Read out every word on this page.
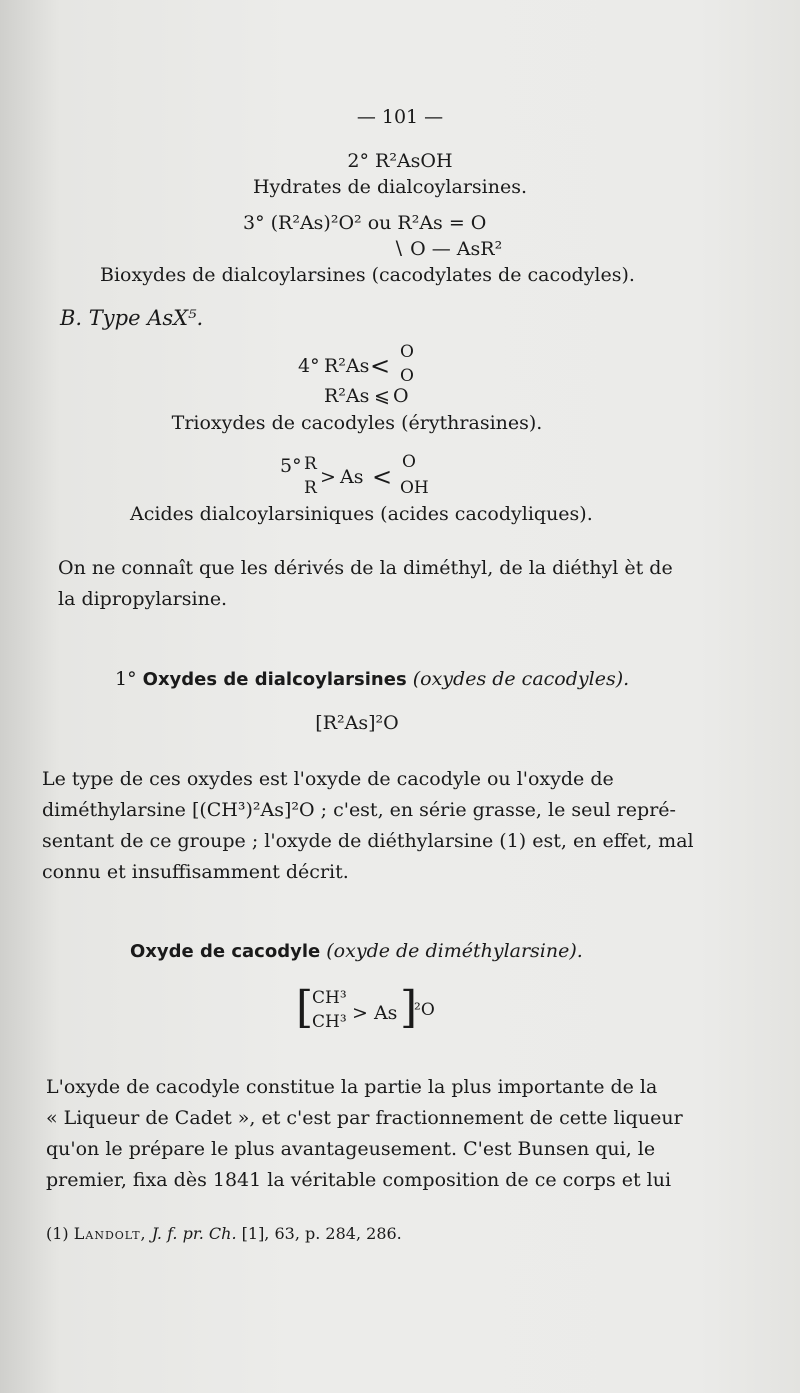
— 101 —
2° R²AsOH
Hydrates de dialcoylarsines.
3° (R²As)²O² ou R²As = O
∖ O — AsR²
Bioxydes de dialcoylarsines (cacodylates de cacodyles).
B. Type AsX⁵.
4° R²As < O
O
R²As ⩽ O
Trioxydes de cacodyles (érythrasines).
5° R
R > As <
O
OH
Acides dialcoylarsiniques (acides cacodyliques).
On ne connaît que les dérivés de la diméthyl, de la diéthyl èt de
la dipropylarsine.
1° Oxydes de dialcoylarsines (oxydes de cacodyles).
[R²As]²O
Le type de ces oxydes est l'oxyde de cacodyle ou l'oxyde de
diméthylarsine [(CH³)²As]²O ; c'est, en série grasse, le seul repré-
sentant de ce groupe ; l'oxyde de diéthylarsine (1) est, en effet, mal
connu et insuffisamment décrit.
Oxyde de cacodyle (oxyde de diméthylarsine).
[
CH³
CH³ > As ]
²O
L'oxyde de cacodyle constitue la partie la plus importante de la
« Liqueur de Cadet », et c'est par fractionnement de cette liqueur
qu'on le prépare le plus avantageusement. C'est Bunsen qui, le
premier, fixa dès 1841 la véritable composition de ce corps et lui
(1) Landolt, J. f. pr. Ch. [1], 63, p. 284, 286.
